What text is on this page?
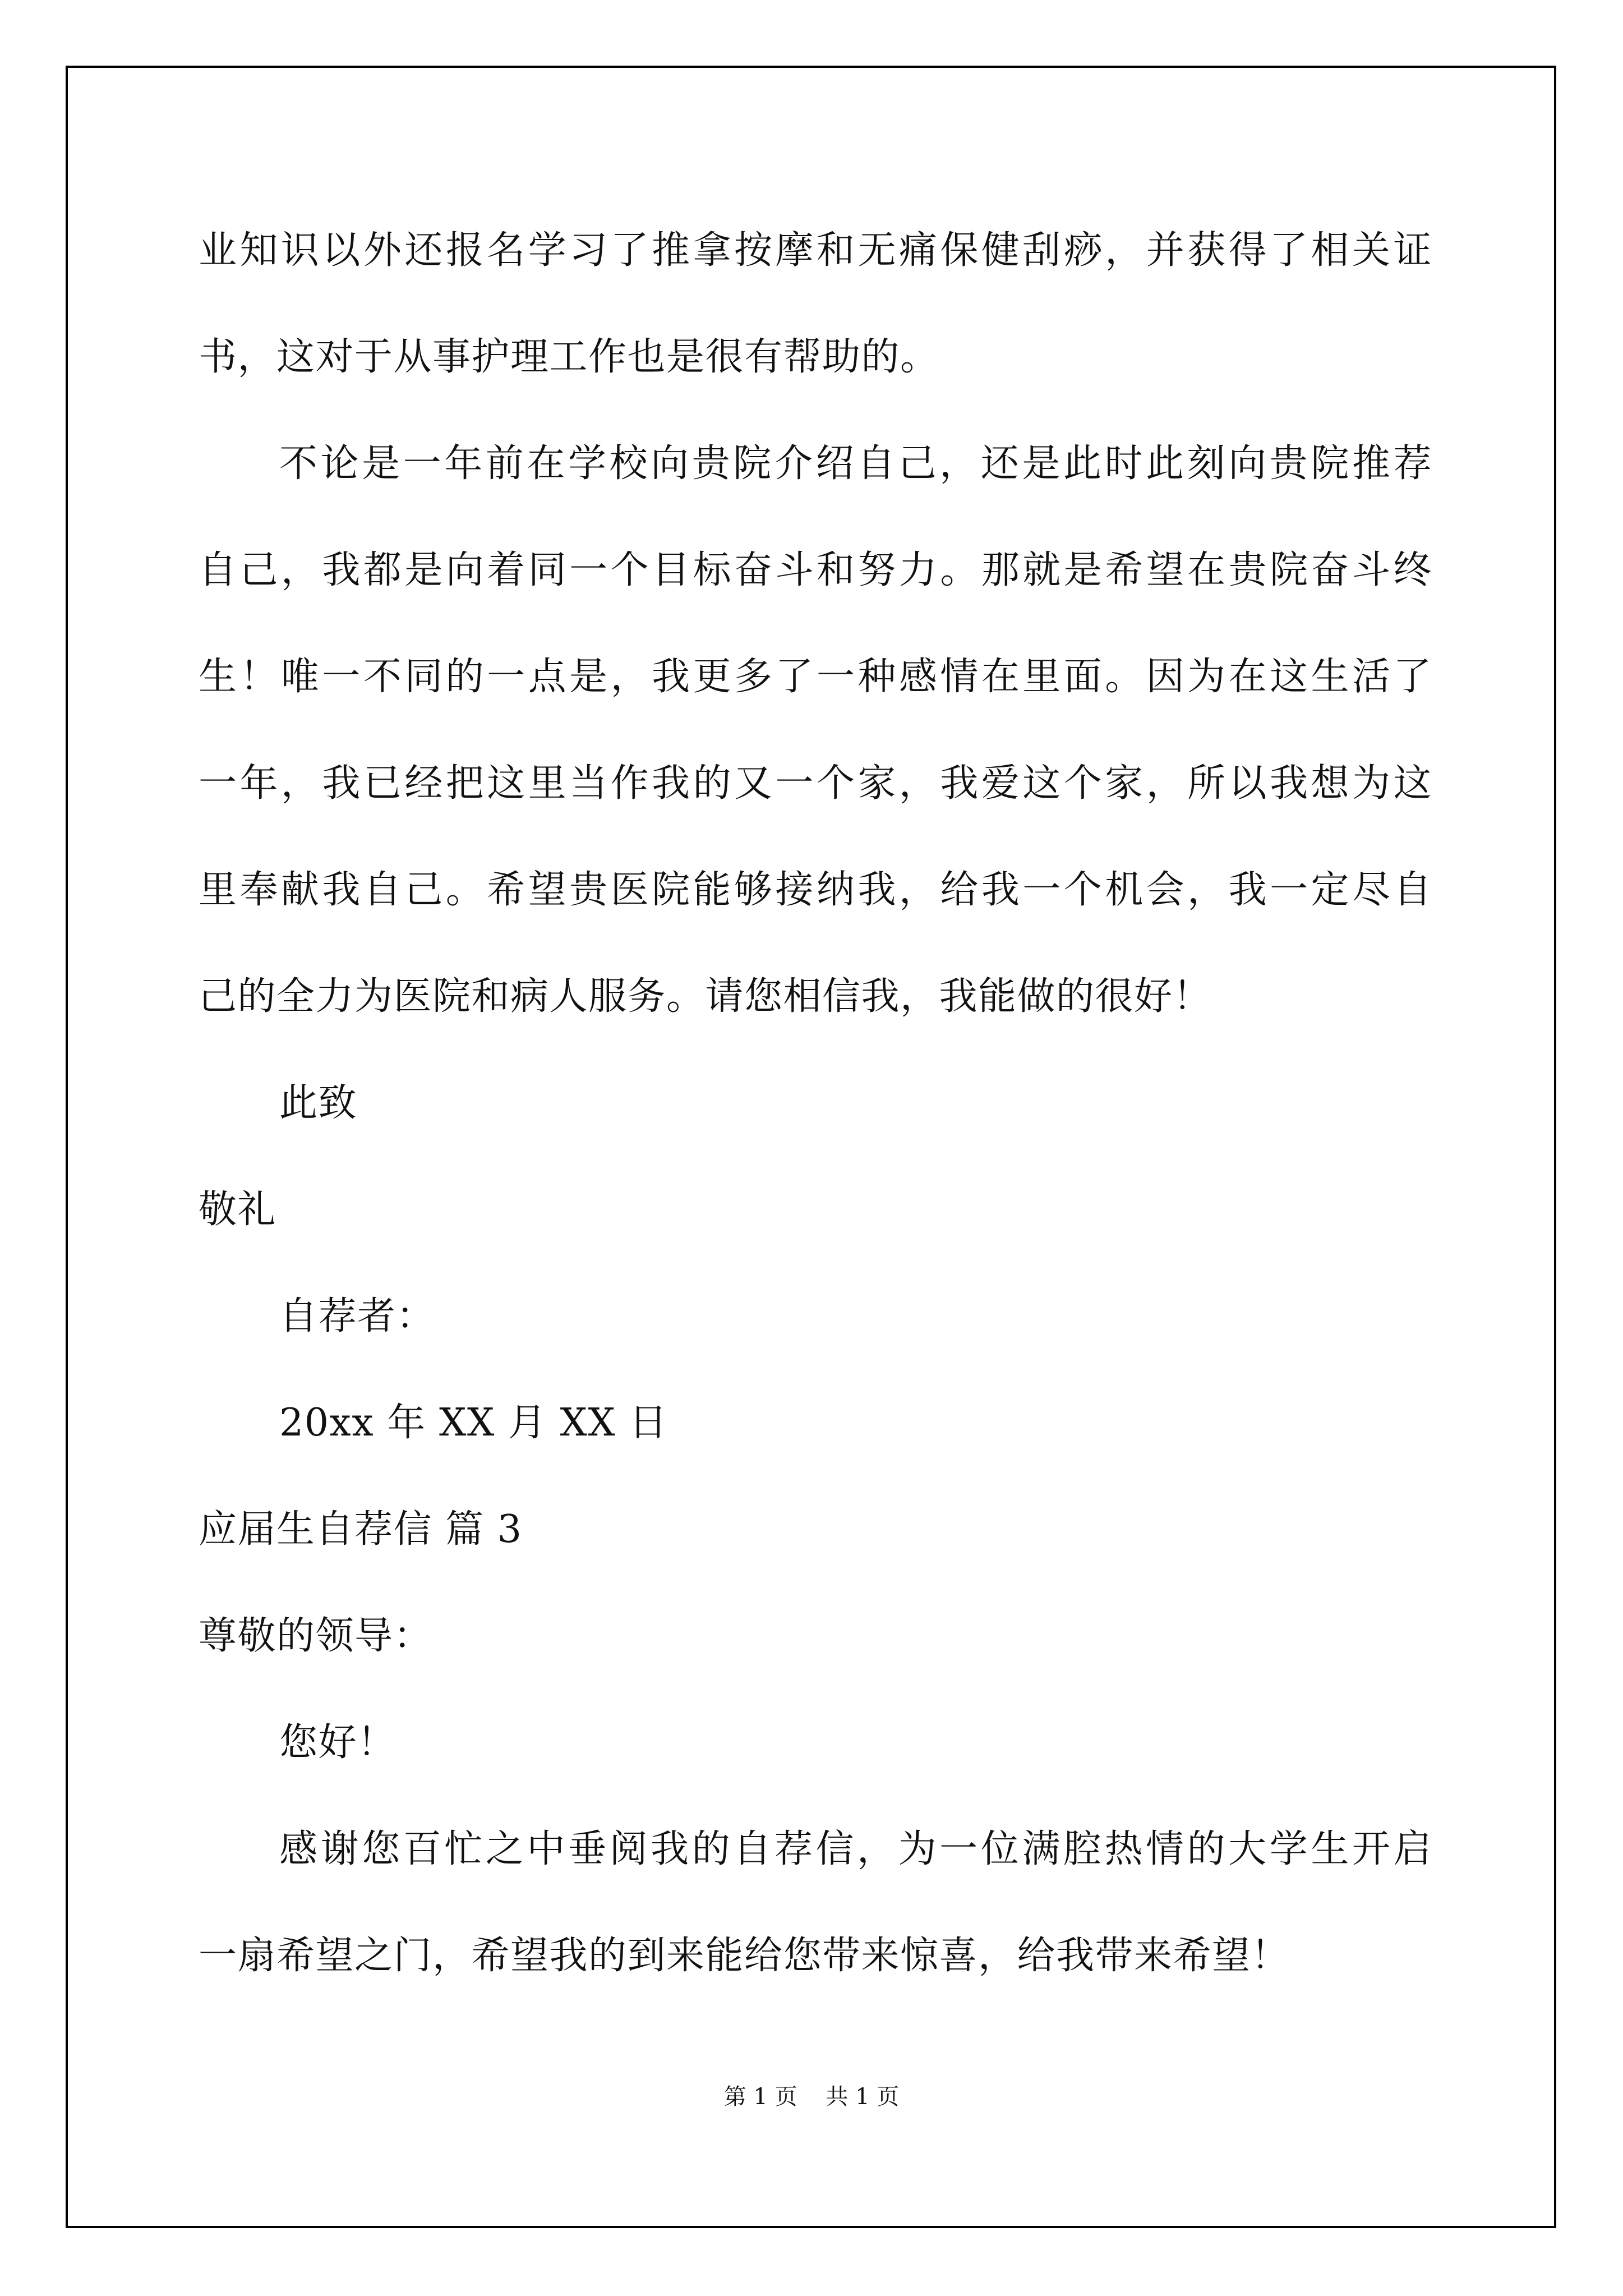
业知识以外还报名学习了推拿按摩和无痛保健刮痧，并获得了相关证

书，这对于从事护理工作也是很有帮助的。

不论是一年前在学校向贵院介绍自己，还是此时此刻向贵院推荐

自己，我都是向着同一个目标奋斗和努力。那就是希望在贵院奋斗终

生！唯一不同的一点是，我更多了一种感情在里面。因为在这生活了

一年，我已经把这里当作我的又一个家，我爱这个家，所以我想为这

里奉献我自己。希望贵医院能够接纳我，给我一个机会，我一定尽自

己的全力为医院和病人服务。请您相信我，我能做的很好！

此致

敬礼

自荐者：

20xx 年 XX 月 XX 日

应届生自荐信 篇 3

尊敬的领导：

您好！

感谢您百忙之中垂阅我的自荐信，为一位满腔热情的大学生开启

一扇希望之门，希望我的到来能给您带来惊喜，给我带来希望！

第 1 页    共 1 页
